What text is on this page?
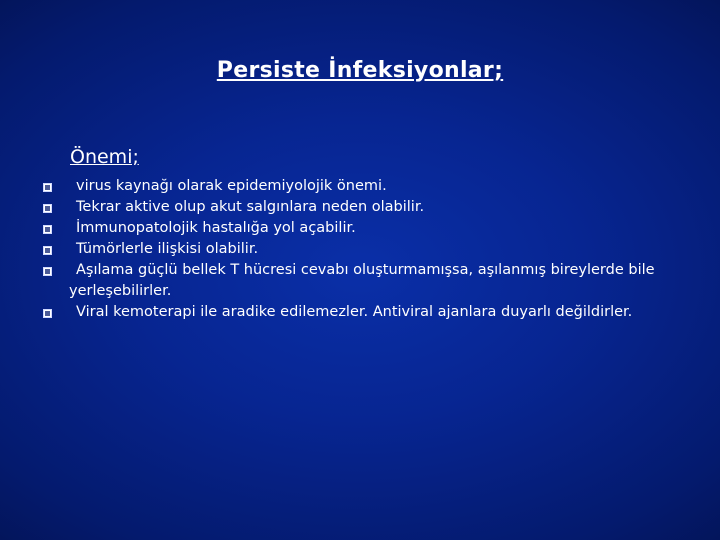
Persiste İnfeksiyonlar;
Önemi;
virus kaynağı olarak epidemiyolojik önemi.
Tekrar aktive olup akut salgınlara neden olabilir.
İmmunopatolojik hastalığa yol açabilir.
Tümörlerle ilişkisi olabilir.
Aşılama güçlü bellek T hücresi cevabı oluşturmamışsa, aşılanmış bireylerde bile yerleşebilirler.
Viral kemoterapi ile aradike edilemezler. Antiviral ajanlara duyarlı değildirler.
